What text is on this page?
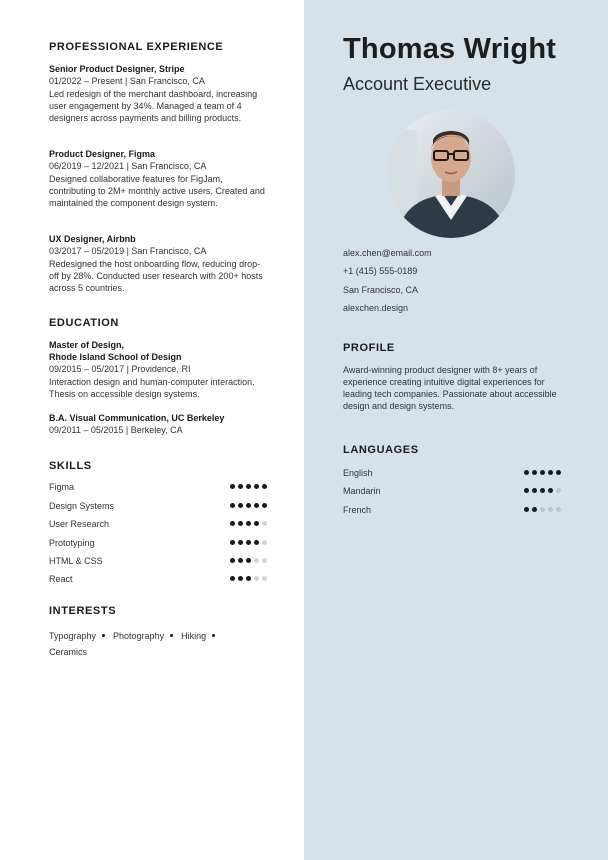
PROFESSIONAL EXPERIENCE
Senior Product Designer, Stripe
01/2022 – Present | San Francisco, CA
Led redesign of the merchant dashboard, increasing user engagement by 34%. Managed a team of 4 designers across payments and billing products.
Product Designer, Figma
06/2019 – 12/2021 | San Francisco, CA
Designed collaborative features for FigJam, contributing to 2M+ monthly active users. Created and maintained the component design system.
UX Designer, Airbnb
03/2017 – 05/2019 | San Francisco, CA
Redesigned the host onboarding flow, reducing drop-off by 28%. Conducted user research with 200+ hosts across 5 countries.
EDUCATION
Master of Design,
Rhode Island School of Design
09/2015 – 05/2017 | Providence, RI
Interaction design and human-computer interaction. Thesis on accessible design systems.
B.A. Visual Communication, UC Berkeley
09/2011 – 05/2015 | Berkeley, CA
SKILLS
Figma
Design Systems
User Research
Prototyping
HTML & CSS
React
INTERESTS
Typography Photography Hiking
Ceramics
Thomas Wright
Account Executive
alex.chen@email.com
+1 (415) 555-0189
San Francisco, CA
alexchen.design
PROFILE
Award-winning product designer with 8+ years of experience creating intuitive digital experiences for leading tech companies. Passionate about accessible design and design systems.
LANGUAGES
English
Mandarin
French
